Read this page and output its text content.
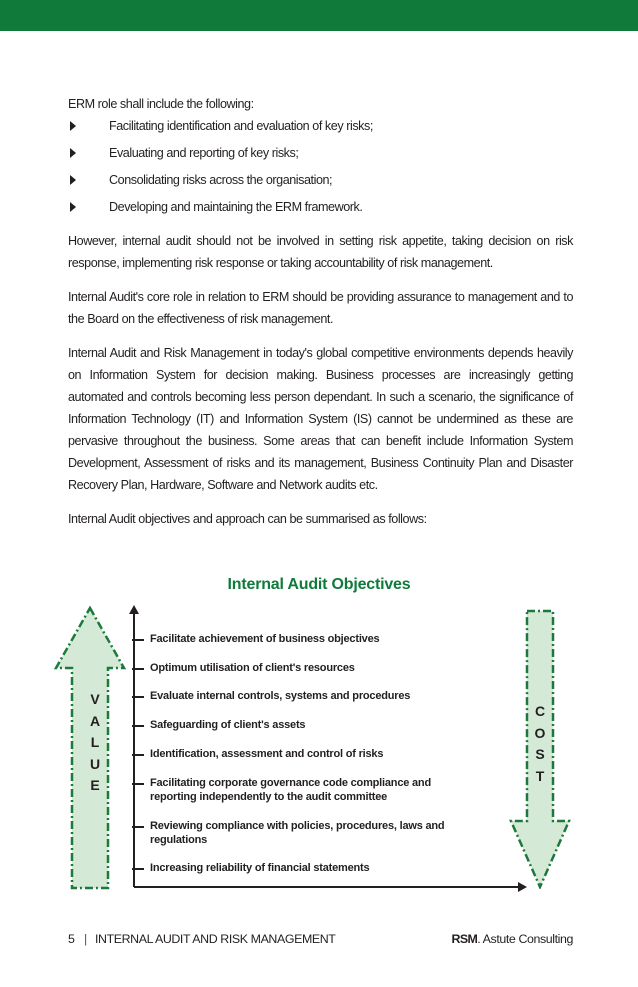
ERM role shall include the following:

Facilitating identification and evaluation of key risks;
Evaluating and reporting of key risks;
Consolidating risks across the organisation;
Developing and maintaining the ERM framework.

However, internal audit should not be involved in setting risk appetite, taking decision on risk response, implementing risk response or taking accountability of risk management.

Internal Audit's core role in relation to ERM should be providing assurance to management and to the Board on the effectiveness of risk management.

Internal Audit and Risk Management in today's global competitive environments depends heavily on Information System for decision making. Business processes are increasingly getting automated and controls becoming less person dependant. In such a scenario, the significance of Information Technology (IT) and Information System (IS) cannot be undermined as these are pervasive throughout the business. Some areas that can benefit include Information System Development, Assessment of risks and its management, Business Continuity Plan and Disaster Recovery Plan, Hardware, Software and Network audits etc.

Internal Audit objectives and approach can be summarised as follows:

Internal Audit Objectives
V
A
L
U
E
C
O
S
T
Facilitate achievement of business objectives
Optimum utilisation of client's resources
Evaluate internal controls, systems and procedures
Safeguarding of client's assets
Identification, assessment and control of risks
Facilitating corporate governance code compliance and reporting independently to the audit committee
Reviewing compliance with policies, procedures, laws and regulations
Increasing reliability of financial statements
5 | INTERNAL AUDIT AND RISK MANAGEMENT	RSM. Astute Consulting
